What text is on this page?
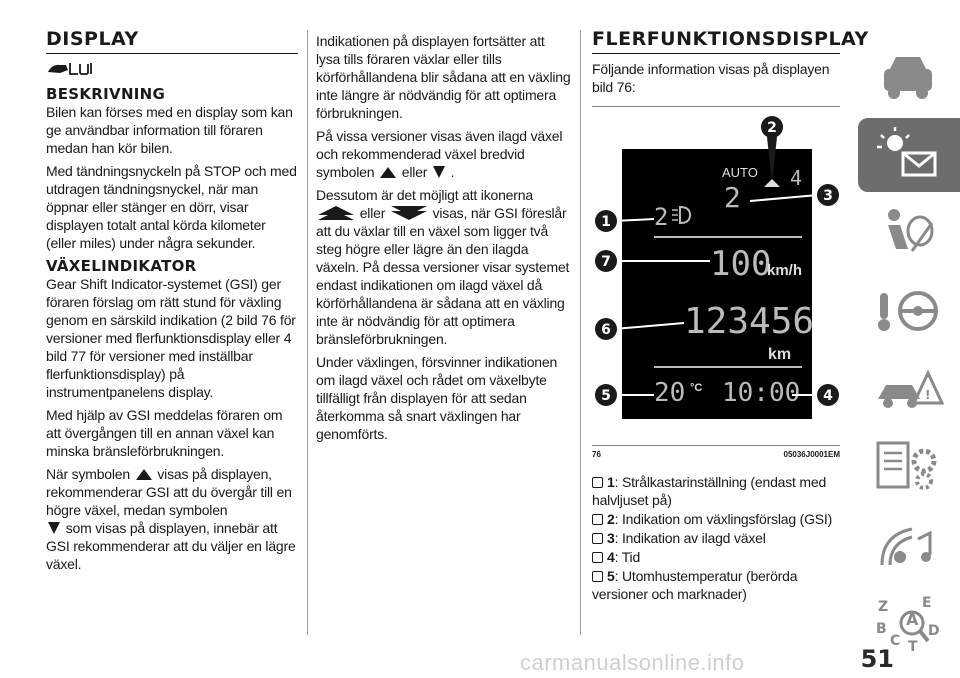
DISPLAY
BESKRIVNING

Bilen kan förses med en display som kan ge användbar information till föraren medan han kör bilen.

Med tändningsnyckeln på STOP och med utdragen tändningsnyckel, när man öppnar eller stänger en dörr, visar displayen totalt antal körda kilometer (eller miles) under några sekunder.

VÄXELINDIKATOR

Gear Shift Indicator-systemet (GSI) ger föraren förslag om rätt stund för växling genom en särskild indikation (2 bild 76 för versioner med flerfunktionsdisplay eller 4 bild 77 för versioner med inställbar flerfunktionsdisplay) på instrumentpanelens display.

Med hjälp av GSI meddelas föraren om att övergången till en annan växel kan minska bränsleförbrukningen.

När symbolen visas på displayen, rekommenderar GSI att du övergår till en högre växel, medan symbolen
som visas på displayen, innebär att GSI rekommenderar att du väljer en lägre växel.

Indikationen på displayen fortsätter att lysa tills föraren växlar eller tills körförhållandena blir sådana att en växling inte längre är nödvändig för att optimera förbrukningen.

På vissa versioner visas även ilagd växel och rekommenderad växel bredvid symbolen eller .

Dessutom är det möjligt att ikonerna
eller	visas, när GSI föreslår att du växlar till en växel som ligger två steg högre eller lägre än den ilagda växeln. På dessa versioner visar systemet endast indikationen om ilagd växel då körförhållandena är sådana att en växling inte är nödvändig för att optimera bränsleförbrukningen.

Under växlingen, försvinner indikationen om ilagd växel och rådet om växelbyte tillfälligt från displayen för att sedan återkomma så snart växlingen har genomförts.

FLERFUNKTIONSDISPLAY

Följande information visas på displayen bild 76:

2
AUTO 4
2	3
2
1
100
km/h
7
123456
km
6
20 °C 10:00
5	4
76	05036J0001EM
1: Strålkastarinställning (endast med halvljuset på)
2: Indikation om växlingsförslag (GSI)
3: Indikation av ilagd växel
4: Tid
5: Utomhustemperatur (berörda versioner och marknader)
!
Z E
A
B	D
C T
carmanualsonline.info	51
